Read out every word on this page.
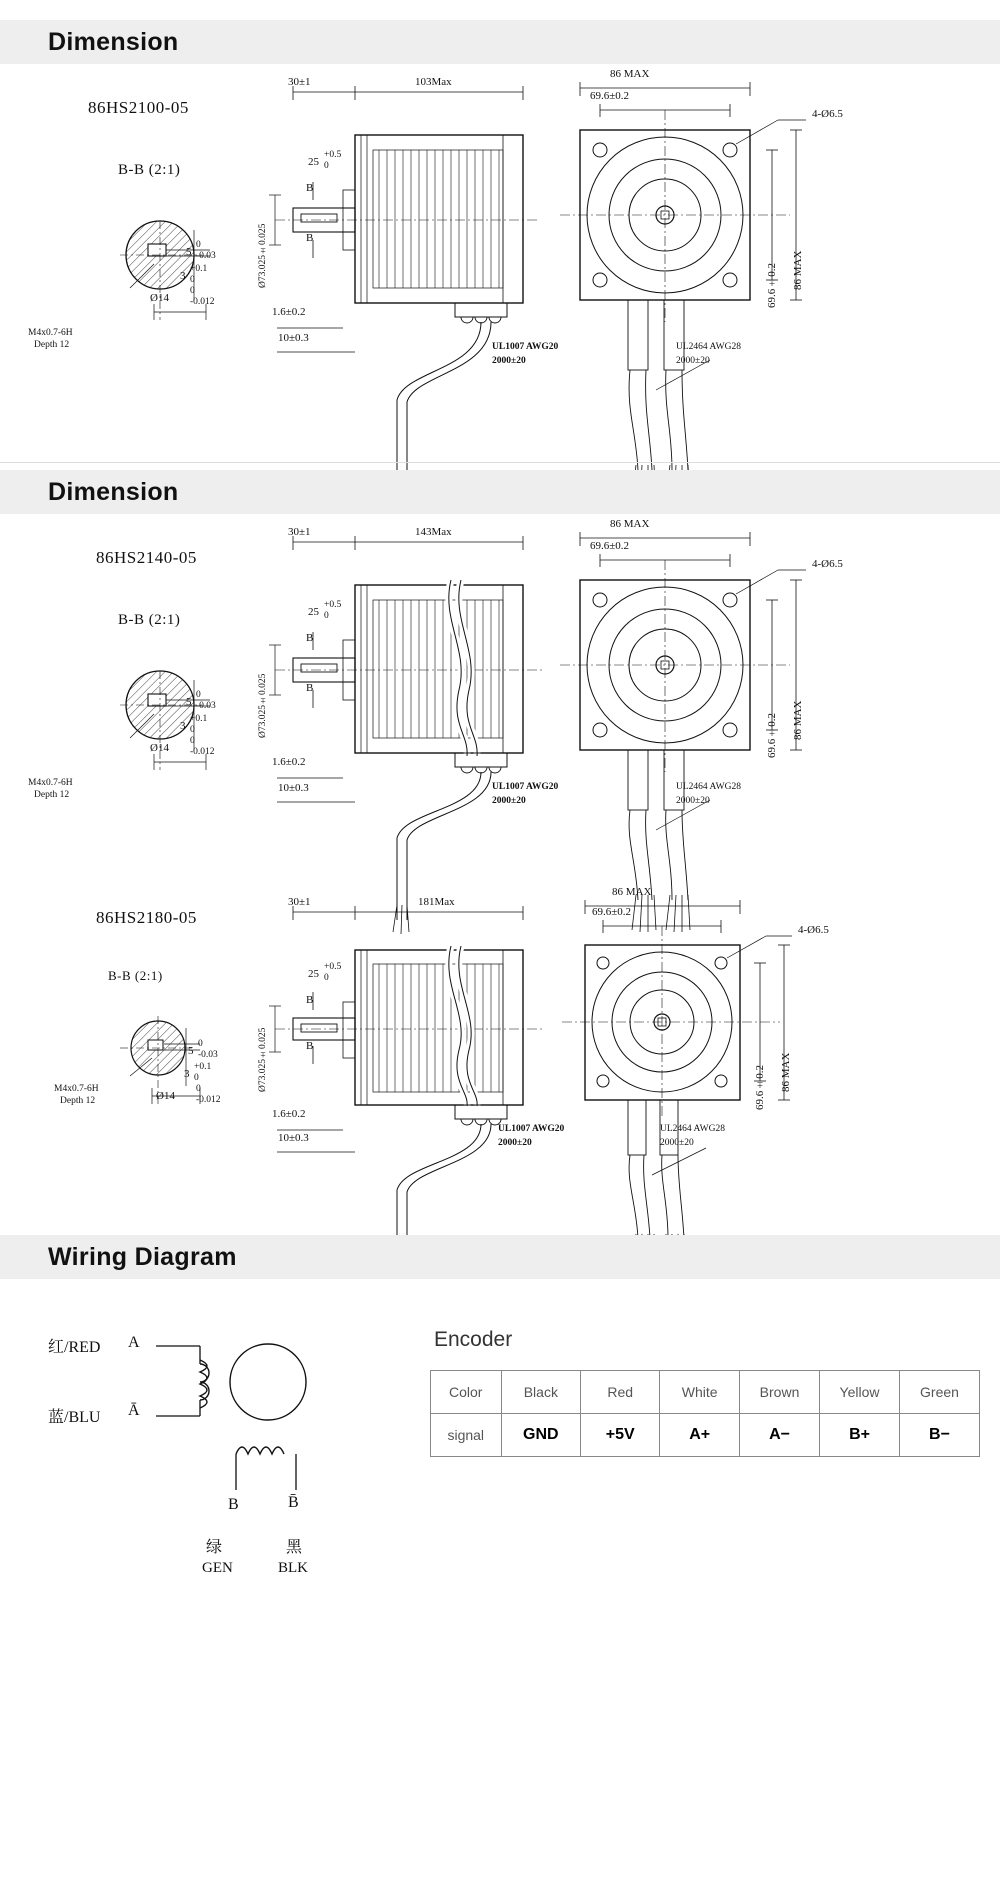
Dimension
86HS2100-05
B-B (2:1)
M4x0.7-6H
Depth 12
5
0
-0.03
3
+0.1
0
Ø14
0
-0.012
30±1	103Max
25
+0.5
0
Ø73.025±0.025
B
B
1.6±0.2
10±0.3
86 MAX
69.6±0.2
4-Ø6.5
69.6±0.2 86 MAX
UL1007 AWG20
2000±20
UL2464 AWG28
2000±20
Dimension
86HS2140-05
B-B (2:1)
M4x0.7-6H
Depth 12
5
0
-0.03
3
+0.1
0
Ø14
0
-0.012
30±1	143Max
25
+0.5
0
Ø73.025±0.025
B
B
1.6±0.2
10±0.3
86 MAX
69.6±0.2
4-Ø6.5
69.6±0.2 86 MAX
UL1007 AWG20
2000±20
UL2464 AWG28
2000±20
86HS2180-05
B-B (2:1)
M4x0.7-6H
Depth 12
5
0
-0.03
3
+0.1
0
Ø14
0
-0.012
30±1	181Max
25
+0.5
0
Ø73.025±0.025
B
B
1.6±0.2
10±0.3
86 MAX
69.6±0.2
4-Ø6.5
69.6±0.2 86 MAX
UL1007 AWG20
2000±20
UL2464 AWG28
2000±20
Wiring Diagram
红/RED A
蓝/BLU Ā
B	B̄
绿
GEN
黑
BLK
Encoder
Color	Black	Red	White	Brown	Yellow	Green
signal	GND	+5V	A+	A−	B+	B−
